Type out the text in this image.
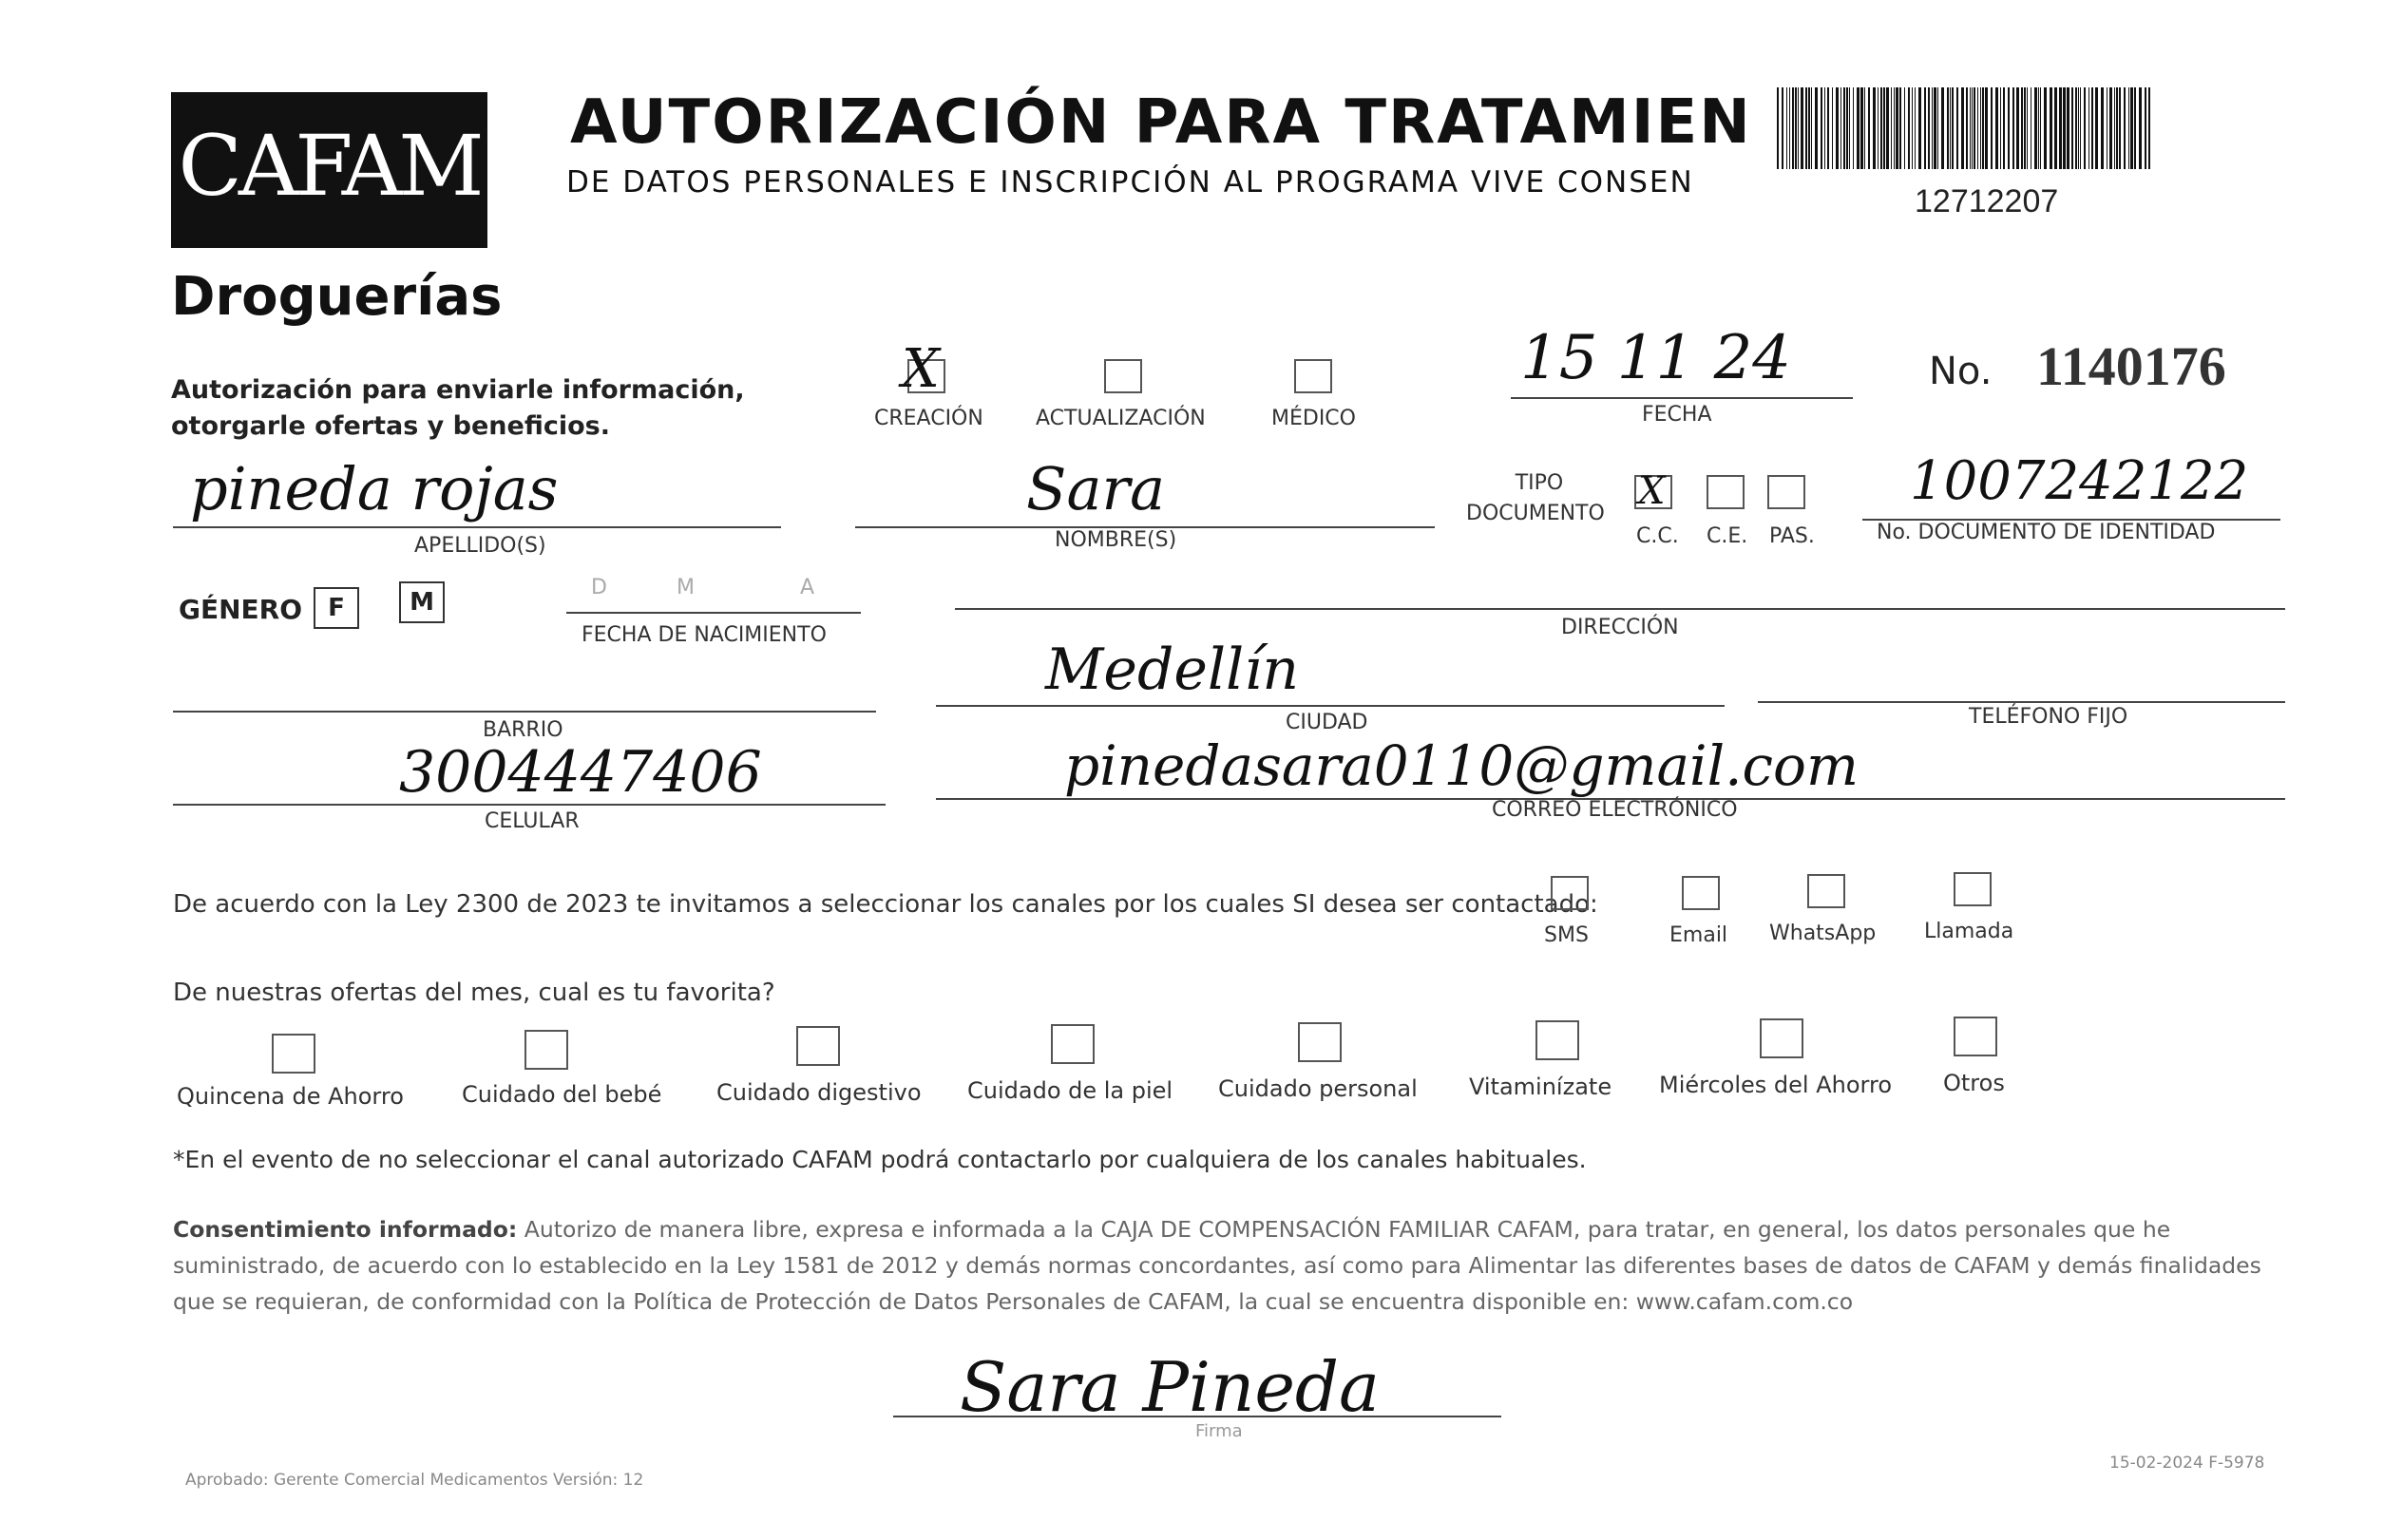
CAFAM
Droguerías
AUTORIZACIÓN PARA TRATAMIEN
DE DATOS PERSONALES E INSCRIPCIÓN AL PROGRAMA VIVE CONSEN
12712207
Autorización para enviarle información,
otorgarle ofertas y beneficios.
X
CREACIÓN	ACTUALIZACIÓN	MÉDICO
15 11 24
FECHA
No. 1140176
pineda rojas
APELLIDO(S)
Sara
NOMBRE(S)
TIPO
DOCUMENTO
X
C.C. C.E. PAS.
1007242122
No. DOCUMENTO DE IDENTIDAD
GÉNERO	F	M
D	M	A
FECHA DE NACIMIENTO	DIRECCIÓN
BARRIO
Medellín
CIUDAD	TELÉFONO FIJO
3004447406
CELULAR
pinedasara0110@gmail.com
CORREO ELECTRÓNICO
De acuerdo con la Ley 2300 de 2023 te invitamos a seleccionar los canales por los cuales SI desea ser contactado:
SMS	Email WhatsApp Llamada
De nuestras ofertas del mes, cual es tu favorita?
Quincena de Ahorro	Cuidado del bebé Cuidado digestivo Cuidado de la piel Cuidado personal Vitaminízate Miércoles del Ahorro Otros
*En el evento de no seleccionar el canal autorizado CAFAM podrá contactarlo por cualquiera de los canales habituales.
Consentimiento informado: Autorizo de manera libre, expresa e informada a la CAJA DE COMPENSACIÓN FAMILIAR CAFAM, para tratar, en general, los datos personales que he suministrado, de acuerdo con lo establecido en la Ley 1581 de 2012 y demás normas concordantes, así como para Alimentar las diferentes bases de datos de CAFAM y demás finalidades que se requieran, de conformidad con la Política de Protección de Datos Personales de CAFAM, la cual se encuentra disponible en: www.cafam.com.co
Sara Pineda
Firma
Aprobado: Gerente Comercial Medicamentos Versión: 12
15-02-2024 F-5978
